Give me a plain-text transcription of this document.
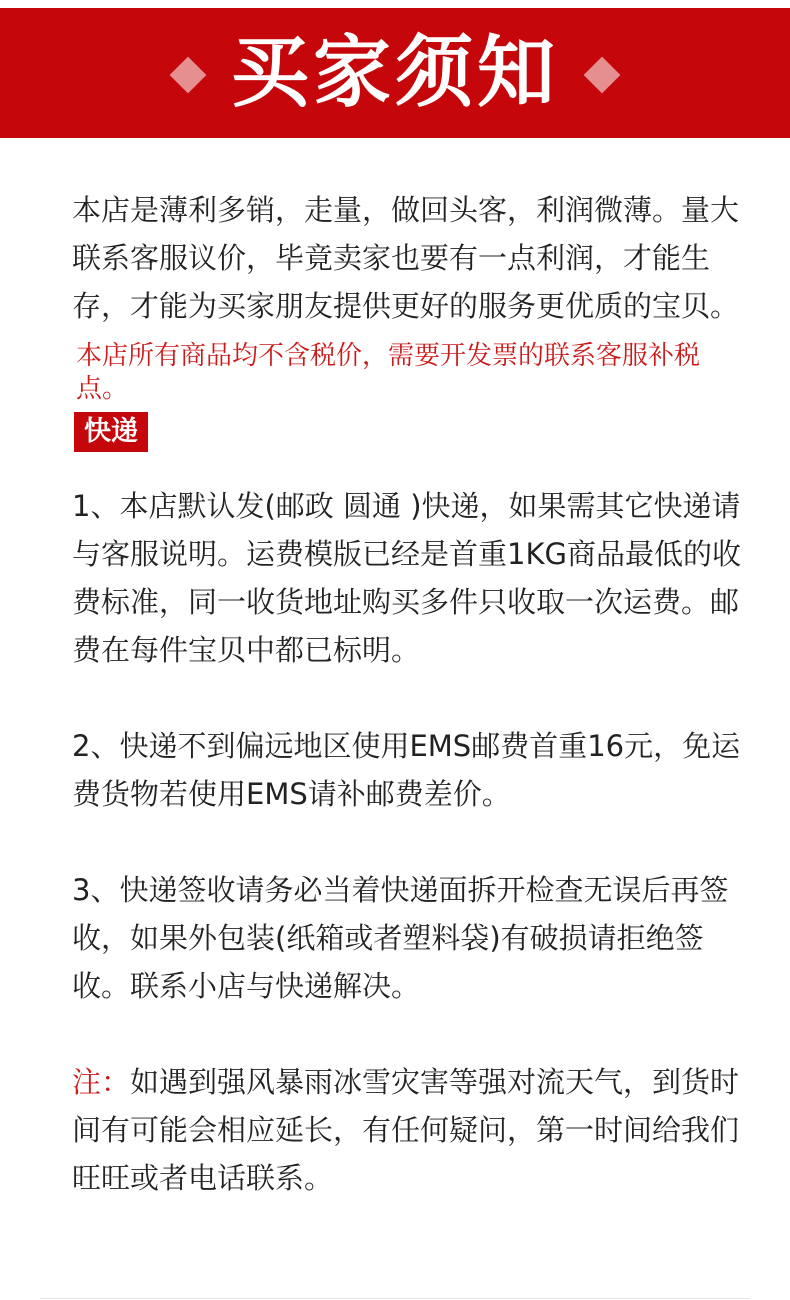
买家须知

本店是薄利多销，走量，做回头客，利润微薄。量大联系客服议价，毕竟卖家也要有一点利润，才能生存，才能为买家朋友提供更好的服务更优质的宝贝。

本店所有商品均不含税价，需要开发票的联系客服补税点。

快递

1、本店默认发(邮政 圆通 )快递，如果需其它快递请与客服说明。运费模版已经是首重1KG商品最低的收费标准，同一收货地址购买多件只收取一次运费。邮费在每件宝贝中都已标明。

2、快递不到偏远地区使用EMS邮费首重16元，免运费货物若使用EMS请补邮费差价。

3、快递签收请务必当着快递面拆开检查无误后再签收，如果外包装(纸箱或者塑料袋)有破损请拒绝签收。联系小店与快递解决。

注：如遇到强风暴雨冰雪灾害等强对流天气，到货时间有可能会相应延长，有任何疑问，第一时间给我们旺旺或者电话联系。
